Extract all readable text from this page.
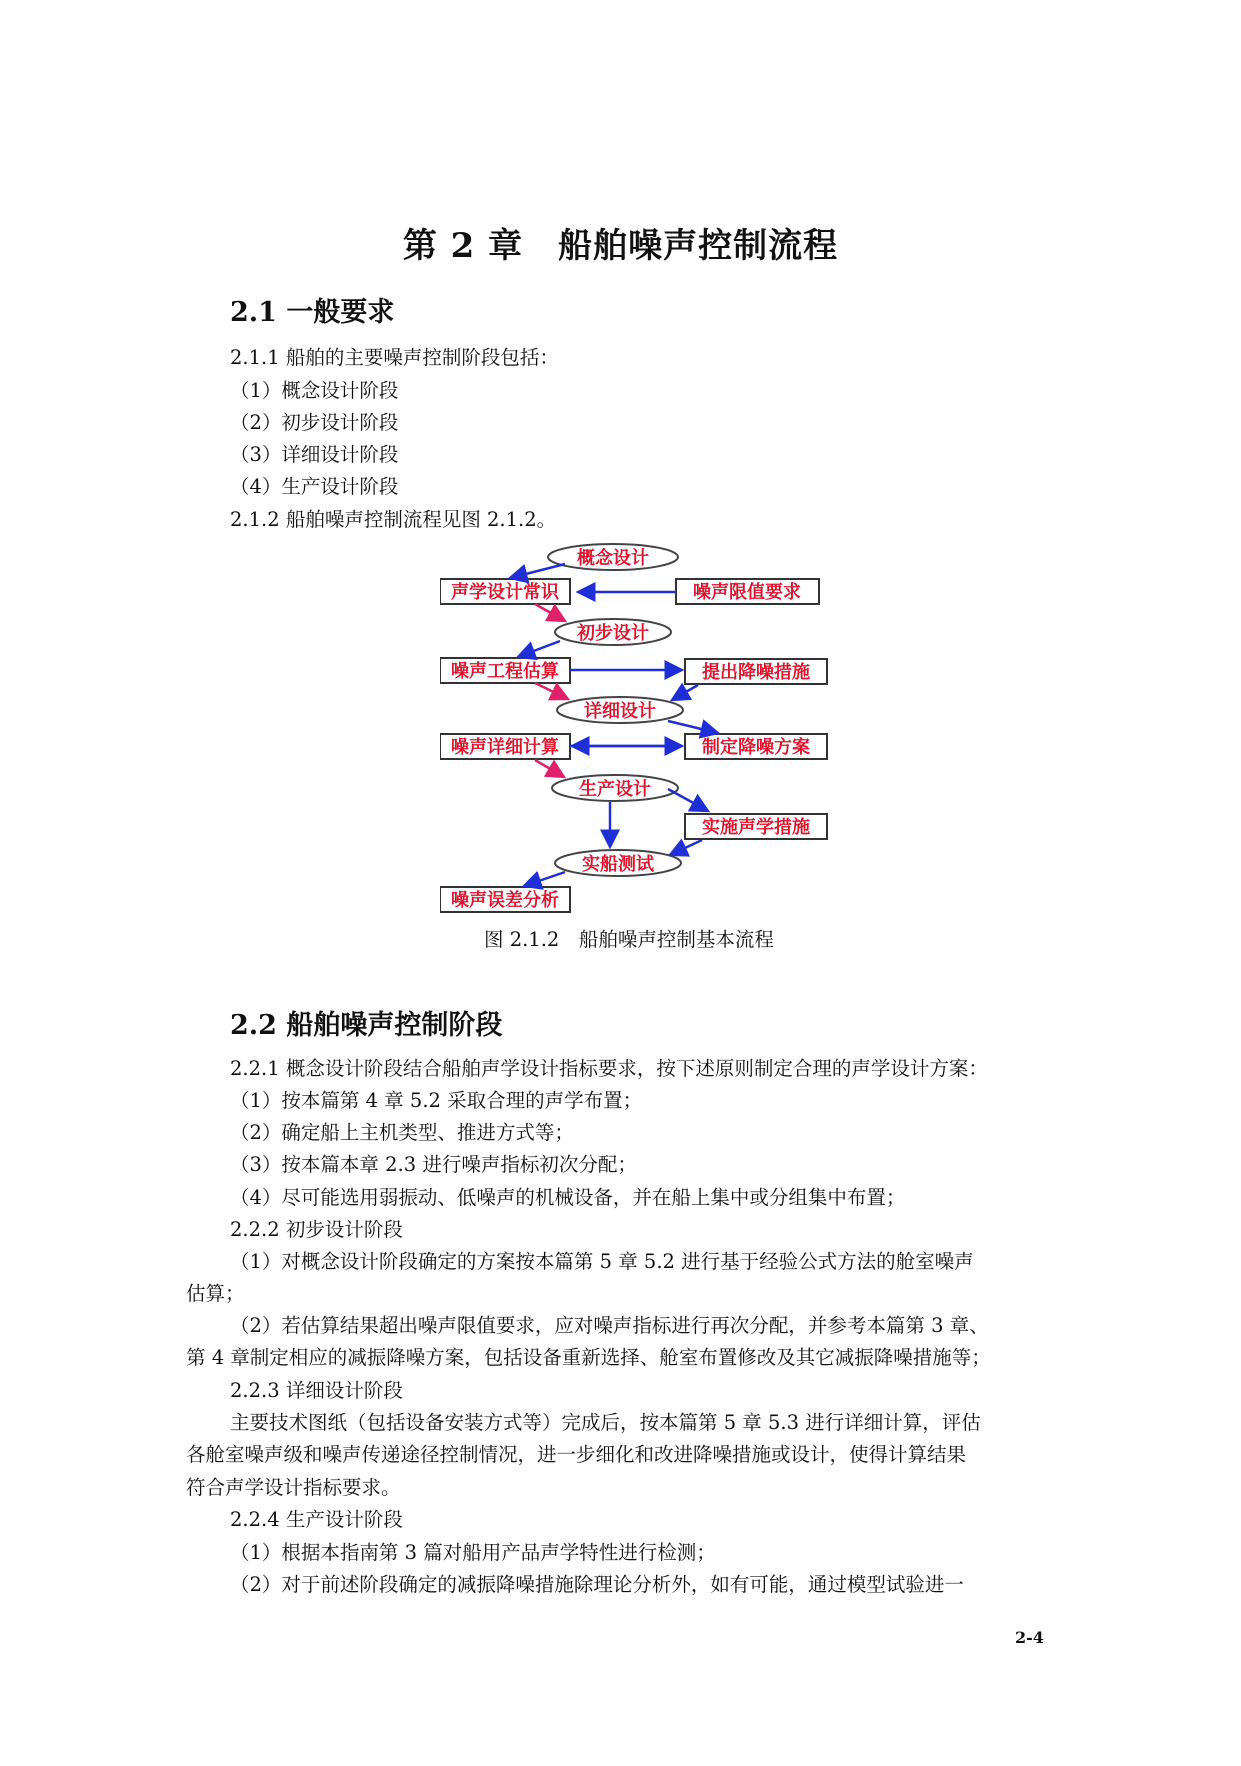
第 2 章　船舶噪声控制流程
2.1 一般要求
2.1.1 船舶的主要噪声控制阶段包括：
（1）概念设计阶段
（2）初步设计阶段
（3）详细设计阶段
（4）生产设计阶段
2.1.2 船舶噪声控制流程见图 2.1.2。
概念设计
初步设计
详细设计
生产设计
实船测试
声学设计常识
噪声工程估算
噪声详细计算
噪声误差分析
噪声限值要求
提出降噪措施
制定降噪方案
实施声学措施
图 2.1.2　船舶噪声控制基本流程
2.2 船舶噪声控制阶段
2.2.1 概念设计阶段结合船舶声学设计指标要求，按下述原则制定合理的声学设计方案：
（1）按本篇第 4 章 5.2 采取合理的声学布置；
（2）确定船上主机类型、推进方式等；
（3）按本篇本章 2.3 进行噪声指标初次分配；
（4）尽可能选用弱振动、低噪声的机械设备，并在船上集中或分组集中布置；
2.2.2 初步设计阶段
（1）对概念设计阶段确定的方案按本篇第 5 章 5.2 进行基于经验公式方法的舱室噪声
估算；
（2）若估算结果超出噪声限值要求，应对噪声指标进行再次分配，并参考本篇第 3 章、
第 4 章制定相应的减振降噪方案，包括设备重新选择、舱室布置修改及其它减振降噪措施等；
2.2.3 详细设计阶段
主要技术图纸（包括设备安装方式等）完成后，按本篇第 5 章 5.3 进行详细计算，评估
各舱室噪声级和噪声传递途径控制情况，进一步细化和改进降噪措施或设计，使得计算结果
符合声学设计指标要求。
2.2.4 生产设计阶段
（1）根据本指南第 3 篇对船用产品声学特性进行检测；
（2）对于前述阶段确定的减振降噪措施除理论分析外，如有可能，通过模型试验进一
2-4
